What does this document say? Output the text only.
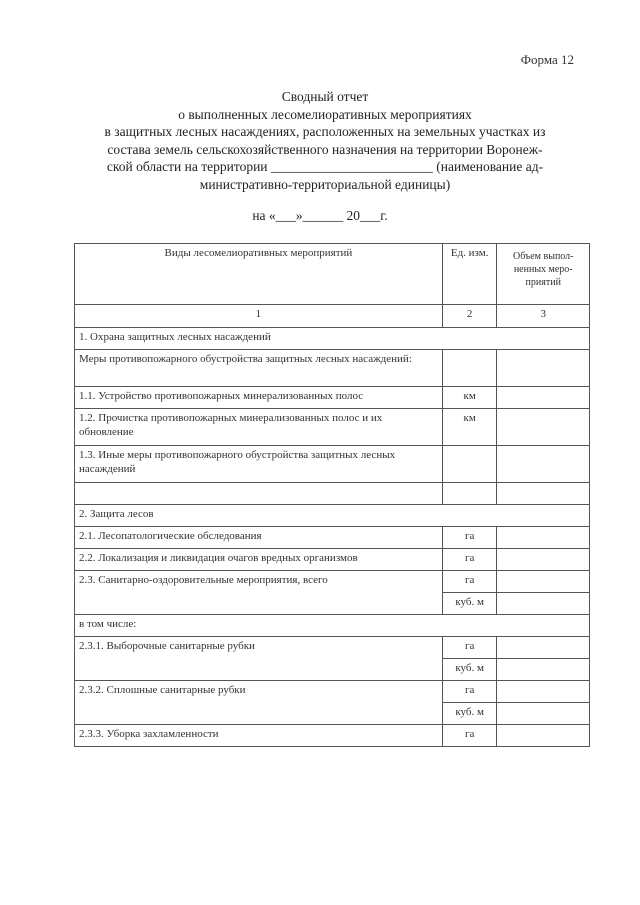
Форма 12
Сводный отчет
о выполненных лесомелиоративных мероприятиях
в защитных лесных насаждениях, расположенных на земельных участках из
состава земель сельскохозяйственного назначения на территории Воронеж-
ской области на территории ________________________ (наименование ад-
министративно-территориальной единицы)
на «___»______ 20___г.
Виды лесомелиоративных мероприятий	Ед. изм.	Объем выпол-ненных меро-приятий
1	2	3
1. Охрана защитных лесных насаждений		
Меры противопожарного обустройства защитных лесных насаждений:		
1.1. Устройство противопожарных минерализованных полос	км	
1.2. Прочистка противопожарных минерализованных полос и их обновление	км	
1.3. Иные меры противопожарного обустройства защитных лесных насаждений		

2. Защита лесов		
2.1. Лесопатологические обследования	га	
2.2. Локализация и ликвидация очагов вредных организмов	га	
2.3. Санитарно-оздоровительные мероприятия, всего	га	
	куб. м	
в том числе:		
2.3.1. Выборочные санитарные рубки	га	
	куб. м	
2.3.2. Сплошные санитарные рубки	га	
	куб. м	
2.3.3. Уборка захламленности	га	
